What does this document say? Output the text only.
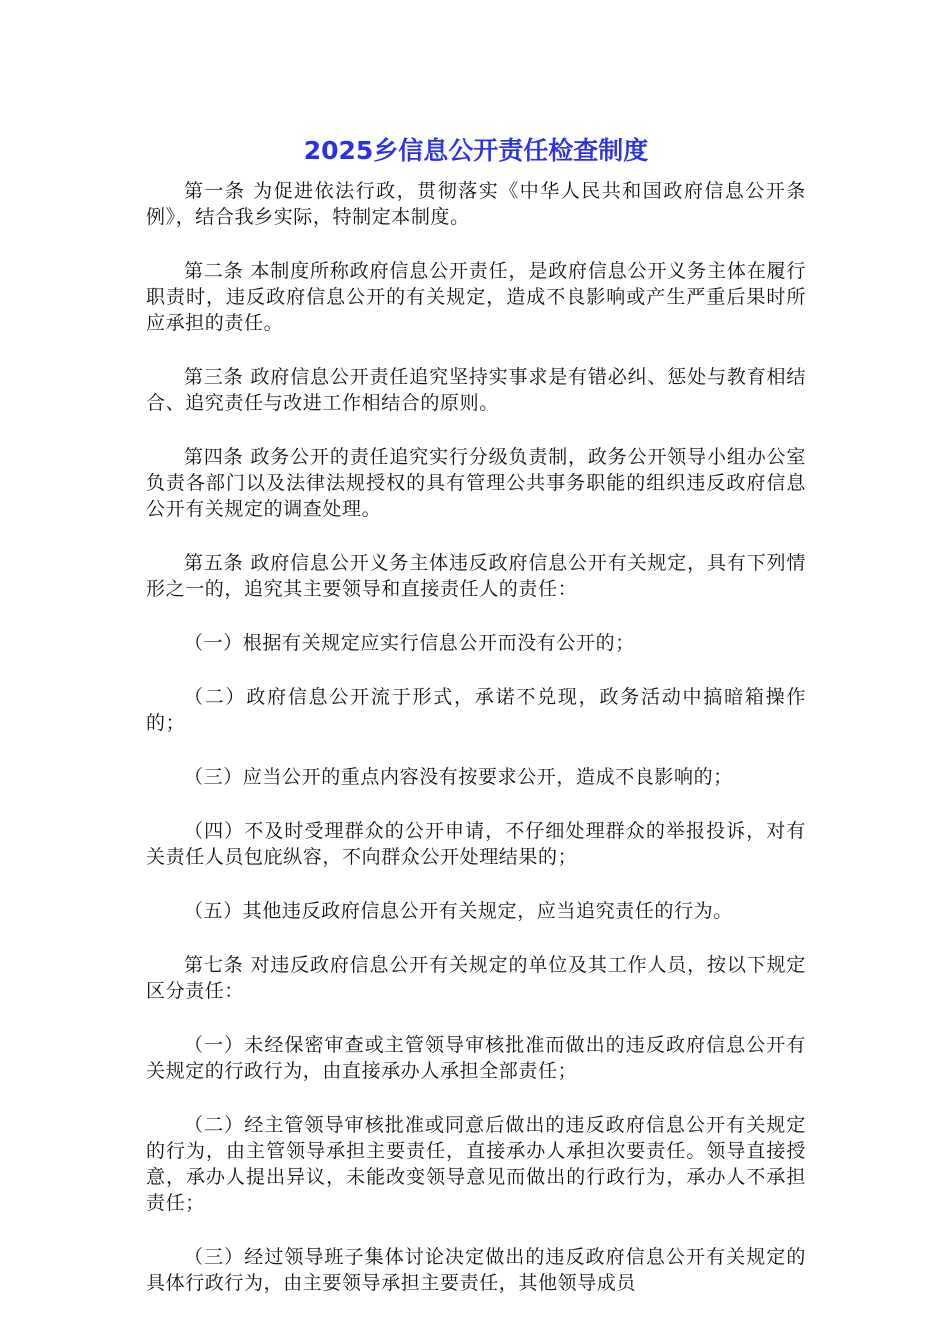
2025乡信息公开责任检查制度

第一条 为促进依法行政，贯彻落实《中华人民共和国政府信息公开条例》，结合我乡实际，特制定本制度。

第二条 本制度所称政府信息公开责任，是政府信息公开义务主体在履行职责时，违反政府信息公开的有关规定，造成不良影响或产生严重后果时所应承担的责任。

第三条 政府信息公开责任追究坚持实事求是有错必纠、惩处与教育相结合、追究责任与改进工作相结合的原则。

第四条 政务公开的责任追究实行分级负责制，政务公开领导小组办公室负责各部门以及法律法规授权的具有管理公共事务职能的组织违反政府信息公开有关规定的调查处理。

第五条 政府信息公开义务主体违反政府信息公开有关规定，具有下列情形之一的，追究其主要领导和直接责任人的责任：

（一）根据有关规定应实行信息公开而没有公开的；

（二）政府信息公开流于形式，承诺不兑现，政务活动中搞暗箱操作的；

（三）应当公开的重点内容没有按要求公开，造成不良影响的；

（四）不及时受理群众的公开申请，不仔细处理群众的举报投诉，对有关责任人员包庇纵容，不向群众公开处理结果的；

（五）其他违反政府信息公开有关规定，应当追究责任的行为。

第七条 对违反政府信息公开有关规定的单位及其工作人员，按以下规定区分责任：

（一）未经保密审查或主管领导审核批准而做出的违反政府信息公开有关规定的行政行为，由直接承办人承担全部责任；

（二）经主管领导审核批准或同意后做出的违反政府信息公开有关规定的行为，由主管领导承担主要责任，直接承办人承担次要责任。领导直接授意，承办人提出异议，未能改变领导意见而做出的行政行为，承办人不承担责任；

（三）经过领导班子集体讨论决定做出的违反政府信息公开有关规定的具体行政行为，由主要领导承担主要责任，其他领导成员
